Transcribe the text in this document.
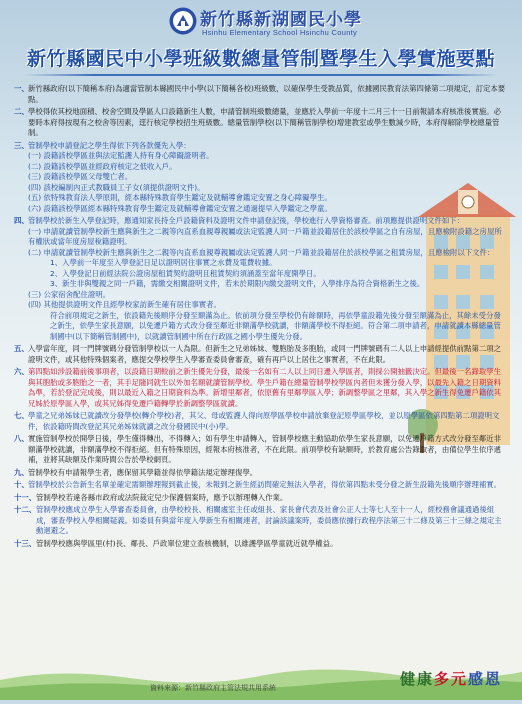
新竹縣新湖國民小學
Hsinhu Elementary School Hsinchu County
新竹縣國民中小學班級數總量管制暨學生入學實施要點
一、 新竹縣政府(以下簡稱本府)為適當管制本縣國民中小學(以下簡稱各校)班級數，以確保學生受教品質，依據國民教育法第四條第二項規定，訂定本要點。
二、 學校得依其校地面積、校舍空間及學區人口設籍新生人數，申請管制班級數總量，並應於入學前一年度十二月三十一日前報請本府核准後實施。必要時本府得按現有之校舍等因素，逕行核定學校招生班級數。總量管制學校(以下簡稱管制學校)增建教室或學生數減少時，本府得解除學校總量管制。
三、 管制學校申請登記之學生得依下列各款優先入學：
(一) 設籍該校學區並與法定監護人持有身心障礙證明者。
(二) 設籍該校學區並經政府核定之低收入戶。
(三) 設籍該校學區父母雙亡者。
(四) 該校編制內正式教職員工子女(須提供證明文件)。
(五) 依特殊教育法人學原則，經本縣特殊教育學生鑑定及就輔導會鑑定安置之身心障礙學生。
(六) 設籍該校學區經本縣特殊教育學生鑑定及就輔導會鑑定安置之通過提早入學鑑定之學童。
四、 管制學校於新生入學登記時，應通知家長持全戶設籍資料及證明文件申請登記後，學校進行入學資格審查。前項應提供證明文件如下：
(一) 申請就讀管制學校新生應與新生之二親等內直系血親尊親屬或法定監護人同一戶籍並設籍居住於該校學區之自有房屋，且應檢附設籍之房屋所有權狀或當年度房屋稅籍證明。
(二) 申請就讀管制學校新生應與新生之二親等內直系血親尊親屬或法定監護人同一戶籍並設籍居住於該校學區之租賃房屋，且應檢附以下文件：
1、入學前一年度至入學登記日足以證明居住事實之水費及電費收據。
2、入學登記日前經法院公證房屋租賃契約證明且租賃契約須涵蓋至當年度開學日。
3、新生非與雙親之同一戶籍，需繳交相關證明文件，若未於期限內繳交證明文件，入學排序為符合資格新生之後。
(三) 公家宿舍配住證明。
(四) 其他提供證明文件且經學校家訪新生確有居住事實者。
符合前項規定之新生，依設籍先後順序分發至額滿為止。依前項分發至學校仍有餘額時，再依學童設籍先後分發至額滿為止，其餘未受分發之新生，依學生家長意願，以免遷戶籍方式改分發至鄰近非額滿學校就讀，非額滿學校不得拒絕。符合第二項申請者，申請就讀本縣總量管制國中(以下簡稱管制國中)，以就讀管制國中所在行政區之國小學生優先分發。
五、 入學當年度，同一門牌號碼分發管制學校以一人為限。但新生之兄弟姊妹、雙胞胎及多胞胎，或同一門牌號碼有二人以上申請經提供前點第二項之證明文件，或其他特殊個案者，應提交學校學生入學審查委員會審查，確有再戶以上居住之事實者，不在此限。
六、 第四點如涉設籍前後事項者，以設籍日期較前之新生優先分發，最後一名如有二人以上同日遷入學區者，則採公開抽籤決定。但最後一名錄取學生與其胞胎或多胞胎之一者，其手足隨同就生以外加名額就讀管制學校。學生戶籍在總量管制學校學區內者但未獲分發入學，以最先入籍之日期資料為準，若於登記完成後，則以最近入籍之日期資料為準。新增里鄰者，依原舊有里鄰學區入學；新調整學區之里鄰，其入學之新生得免遷戶籍依其兄姊於原學區入學，或其兄姊得免遷戶籍轉學於新調整學區就讀。
七、 學童之兄弟姊妹已就讀改分發學校(轉介學校)者，其父、母或監護人得向原學區學校申請放棄登記原學區學校，並以原學區依第四點第二項證明文件，依設籍時間改登記其兄弟姊妹就讀之改分發國民中(小)學。
八、 實施管制學校於開學日後，學生僅得轉出，不得轉入；如有學生申請轉入，管制學校應主動協助依學生家長意願，以免遷戶籍方式改分發至鄰近非額滿學校就讀，非額滿學校不得拒絕。但有特殊原因，經報本府核准者，不在此限。前項學校有缺額時，於教育處公告錄取者，由備位學生依序遞補，並將其缺額及作業時間公告於學校網頁。
九、 管制學校有申請報學生者，應保留其學籍並得依學籍法規定辦理復學。
十、 管制學校於公告新生名單並確定需額辦理報到截止後，未報到之新生經訪問確定無法入學者，得依第四點未受分發之新生設籍先後順序辦理補實。
十一、 管制學校若違各縣市政府或法院裁定兒少保護個案時，應予以辦理轉入作業。
十二、 管制學校應成立學生入學審查委員會，由學校校長、相關處室主任或組長、家長會代表及社會公正人士等七人至十一人，經校務會議通過後組成，審查學校入學相關疑義。如委員有與當年度入學新生有相關連者，討論該議案時，委員應依據行政程序法第三十二條及第三十三條之規定主動迴避之。
十三、 管制學校應與學區里(村)長、鄰長、戶政單位建立查核機制，以維護學區學童就近就學權益。
資料來源：新竹縣政府主管法規共用系統	健康多元感恩
